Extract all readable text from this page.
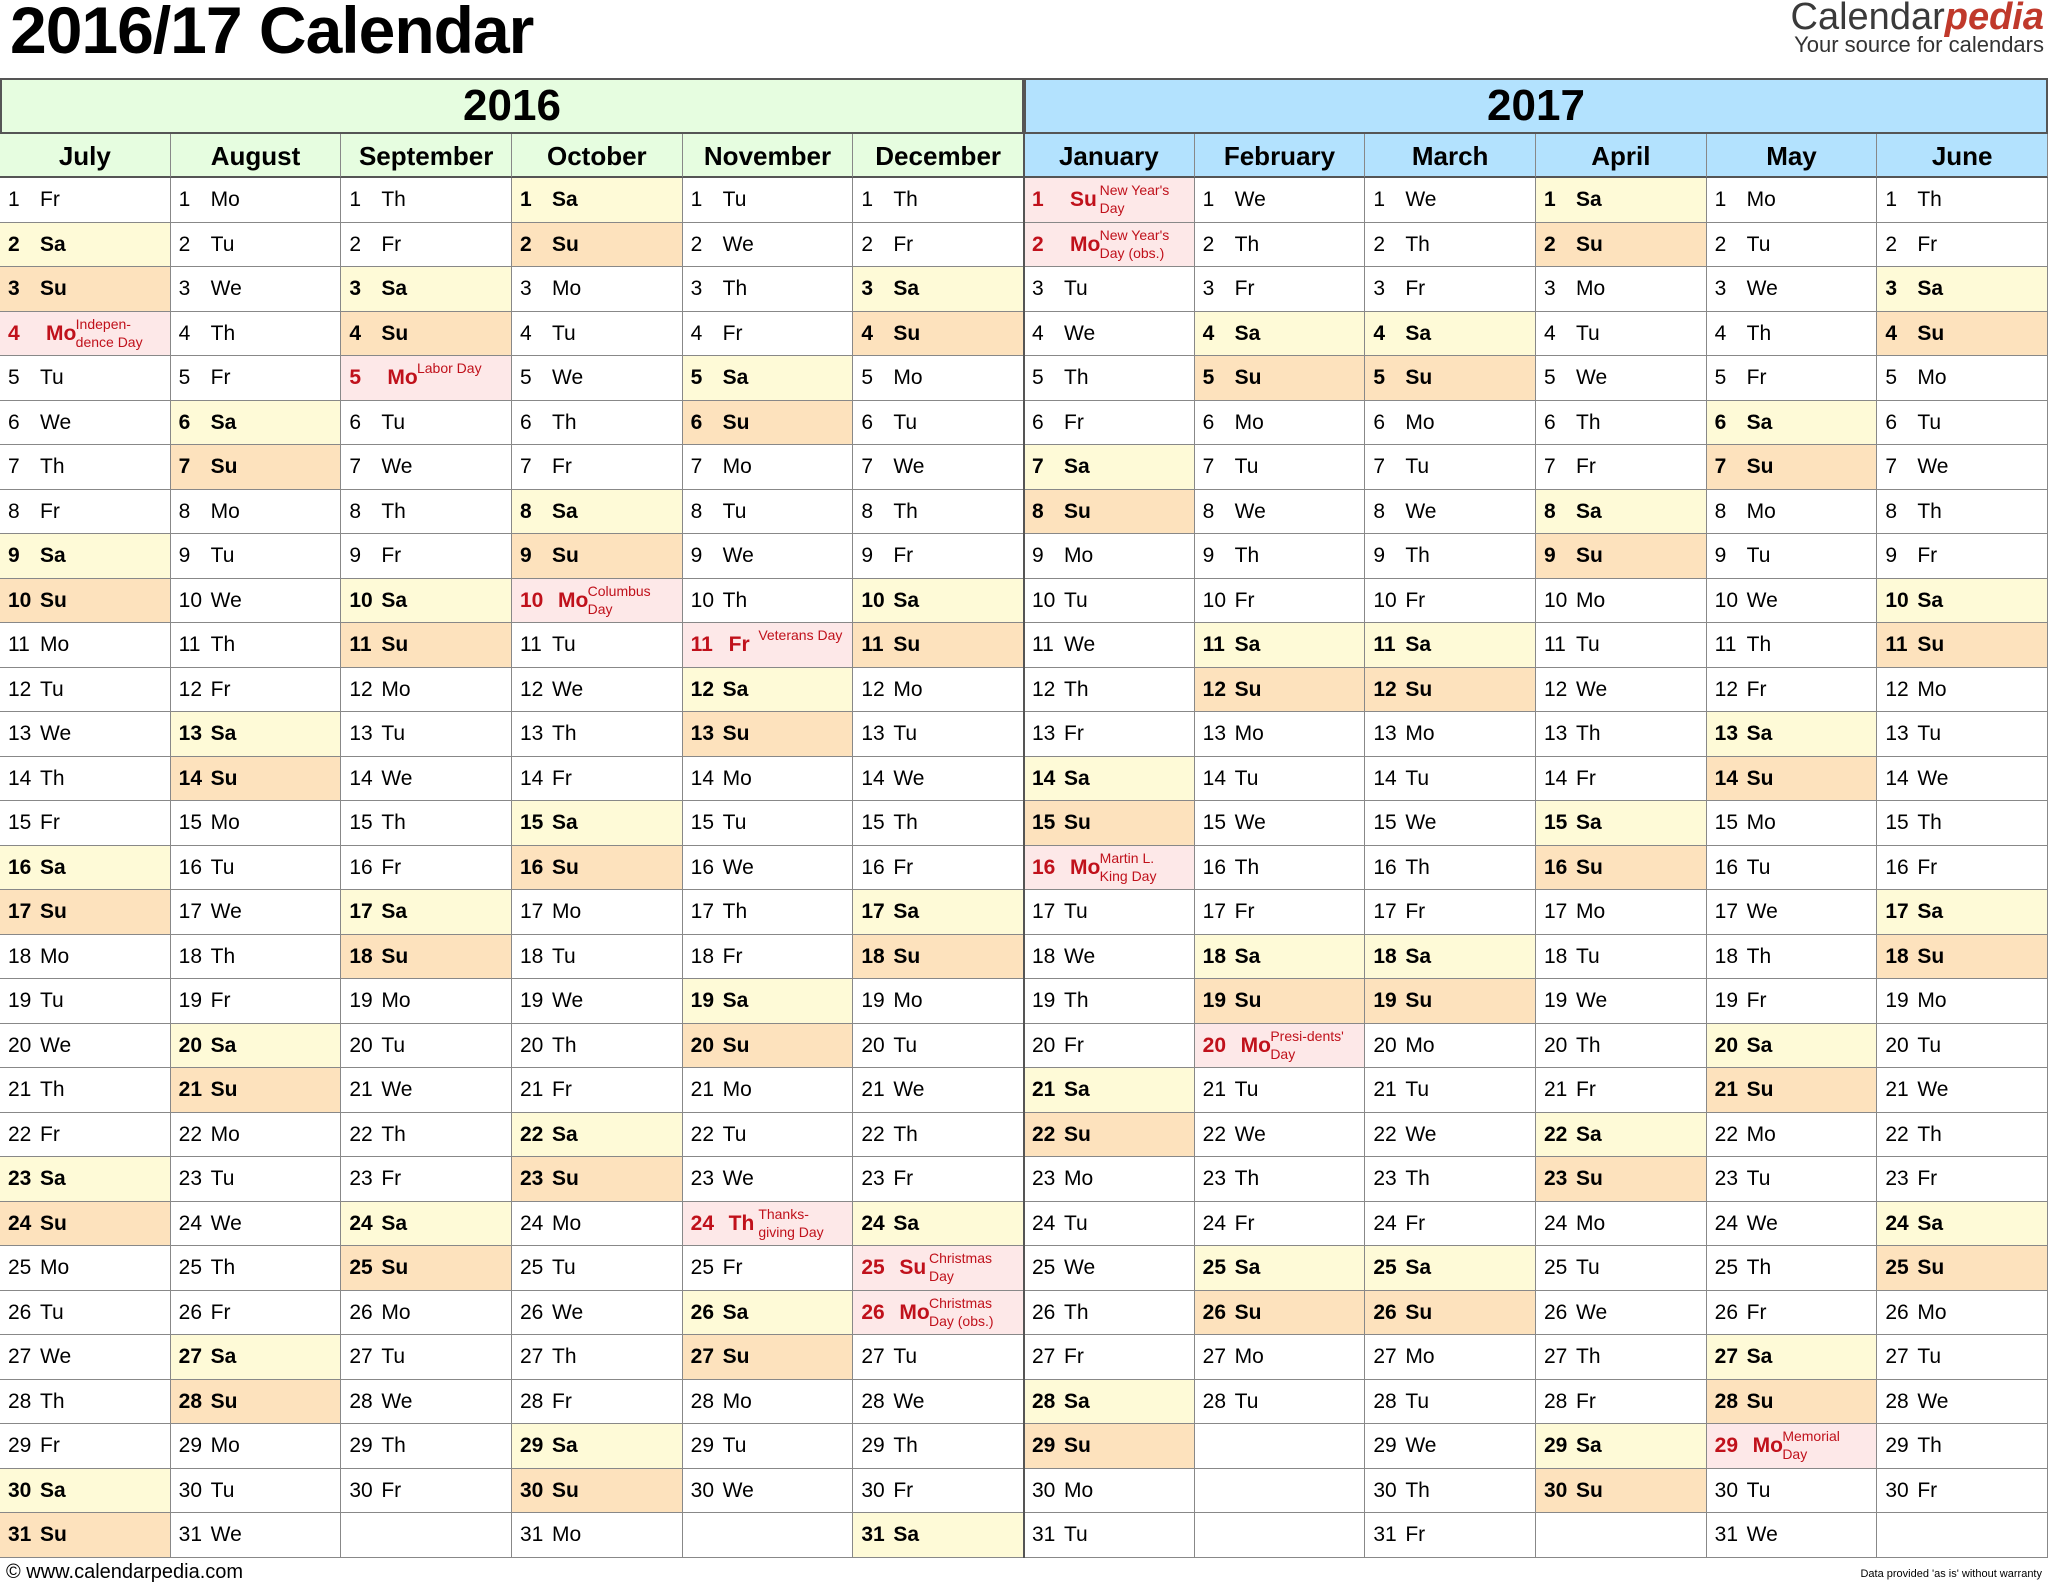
2016/17 Calendar	Calendarpedia
Your source for calendars
2016	2017
July
1 Fr
2 Sa
3 Su
4 Mo Indepen-dence Day
5 Tu
6 We
7 Th
8 Fr
9 Sa
10 Su
11 Mo
12 Tu
13 We
14 Th
15 Fr
16 Sa
17 Su
18 Mo
19 Tu
20 We
21 Th
22 Fr
23 Sa
24 Su
25 Mo
26 Tu
27 We
28 Th
29 Fr
30 Sa
31 Su
August
1 Mo
2 Tu
3 We
4 Th
5 Fr
6 Sa
7 Su
8 Mo
9 Tu
10 We
11 Th
12 Fr
13 Sa
14 Su
15 Mo
16 Tu
17 We
18 Th
19 Fr
20 Sa
21 Su
22 Mo
23 Tu
24 We
25 Th
26 Fr
27 Sa
28 Su
29 Mo
30 Tu
31 We
September
1 Th
2 Fr
3 Sa
4 Su
5 Mo Labor Day
6 Tu
7 We
8 Th
9 Fr
10 Sa
11 Su
12 Mo
13 Tu
14 We
15 Th
16 Fr
17 Sa
18 Su
19 Mo
20 Tu
21 We
22 Th
23 Fr
24 Sa
25 Su
26 Mo
27 Tu
28 We
29 Th
30 Fr
October
1 Sa
2 Su
3 Mo
4 Tu
5 We
6 Th
7 Fr
8 Sa
9 Su
10 Mo Columbus Day
11 Tu
12 We
13 Th
14 Fr
15 Sa
16 Su
17 Mo
18 Tu
19 We
20 Th
21 Fr
22 Sa
23 Su
24 Mo
25 Tu
26 We
27 Th
28 Fr
29 Sa
30 Su
31 Mo
November
1 Tu
2 We
3 Th
4 Fr
5 Sa
6 Su
7 Mo
8 Tu
9 We
10 Th
11 Fr Veterans Day
12 Sa
13 Su
14 Mo
15 Tu
16 We
17 Th
18 Fr
19 Sa
20 Su
21 Mo
22 Tu
23 We
24 Th Thanks-giving Day
25 Fr
26 Sa
27 Su
28 Mo
29 Tu
30 We
December
1 Th
2 Fr
3 Sa
4 Su
5 Mo
6 Tu
7 We
8 Th
9 Fr
10 Sa
11 Su
12 Mo
13 Tu
14 We
15 Th
16 Fr
17 Sa
18 Su
19 Mo
20 Tu
21 We
22 Th
23 Fr
24 Sa
25 Su Christmas Day
26 Mo Christmas Day (obs.)
27 Tu
28 We
29 Th
30 Fr
31 Sa
January
1 Su New Year's Day
2 Mo New Year's Day (obs.)
3 Tu
4 We
5 Th
6 Fr
7 Sa
8 Su
9 Mo
10 Tu
11 We
12 Th
13 Fr
14 Sa
15 Su
16 Mo Martin L. King Day
17 Tu
18 We
19 Th
20 Fr
21 Sa
22 Su
23 Mo
24 Tu
25 We
26 Th
27 Fr
28 Sa
29 Su
30 Mo
31 Tu
February
1 We
2 Th
3 Fr
4 Sa
5 Su
6 Mo
7 Tu
8 We
9 Th
10 Fr
11 Sa
12 Su
13 Mo
14 Tu
15 We
16 Th
17 Fr
18 Sa
19 Su
20 Mo Presi-dents' Day
21 Tu
22 We
23 Th
24 Fr
25 Sa
26 Su
27 Mo
28 Tu
March
1 We
2 Th
3 Fr
4 Sa
5 Su
6 Mo
7 Tu
8 We
9 Th
10 Fr
11 Sa
12 Su
13 Mo
14 Tu
15 We
16 Th
17 Fr
18 Sa
19 Su
20 Mo
21 Tu
22 We
23 Th
24 Fr
25 Sa
26 Su
27 Mo
28 Tu
29 We
30 Th
31 Fr
April
1 Sa
2 Su
3 Mo
4 Tu
5 We
6 Th
7 Fr
8 Sa
9 Su
10 Mo
11 Tu
12 We
13 Th
14 Fr
15 Sa
16 Su
17 Mo
18 Tu
19 We
20 Th
21 Fr
22 Sa
23 Su
24 Mo
25 Tu
26 We
27 Th
28 Fr
29 Sa
30 Su
May
1 Mo
2 Tu
3 We
4 Th
5 Fr
6 Sa
7 Su
8 Mo
9 Tu
10 We
11 Th
12 Fr
13 Sa
14 Su
15 Mo
16 Tu
17 We
18 Th
19 Fr
20 Sa
21 Su
22 Mo
23 Tu
24 We
25 Th
26 Fr
27 Sa
28 Su
29 Mo Memorial Day
30 Tu
31 We
June
1 Th
2 Fr
3 Sa
4 Su
5 Mo
6 Tu
7 We
8 Th
9 Fr
10 Sa
11 Su
12 Mo
13 Tu
14 We
15 Th
16 Fr
17 Sa
18 Su
19 Mo
20 Tu
21 We
22 Th
23 Fr
24 Sa
25 Su
26 Mo
27 Tu
28 We
29 Th
30 Fr
© www.calendarpedia.com	Data provided 'as is' without warranty
